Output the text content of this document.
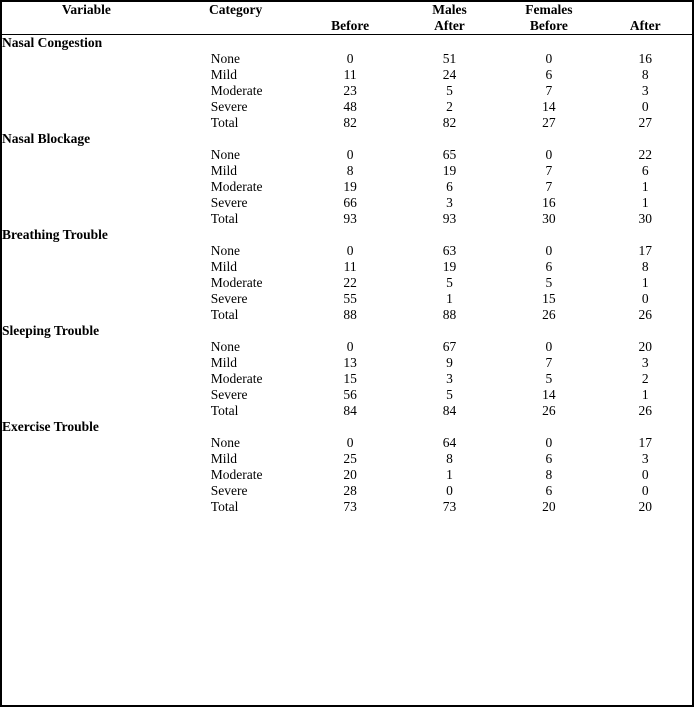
Variable	Category		Males	Females	
		Before	After	Before	After

Nasal Congestion					
	None	0	51	0	16
	Mild	11	24	6	8
	Moderate	23	5	7	3
	Severe	48	2	14	0
	Total	82	82	27	27
Nasal Blockage					
	None	0	65	0	22
	Mild	8	19	7	6
	Moderate	19	6	7	1
	Severe	66	3	16	1
	Total	93	93	30	30
Breathing Trouble					
	None	0	63	0	17
	Mild	11	19	6	8
	Moderate	22	5	5	1
	Severe	55	1	15	0
	Total	88	88	26	26
Sleeping Trouble					
	None	0	67	0	20
	Mild	13	9	7	3
	Moderate	15	3	5	2
	Severe	56	5	14	1
	Total	84	84	26	26
Exercise Trouble					
	None	0	64	0	17
	Mild	25	8	6	3
	Moderate	20	1	8	0
	Severe	28	0	6	0
	Total	73	73	20	20
